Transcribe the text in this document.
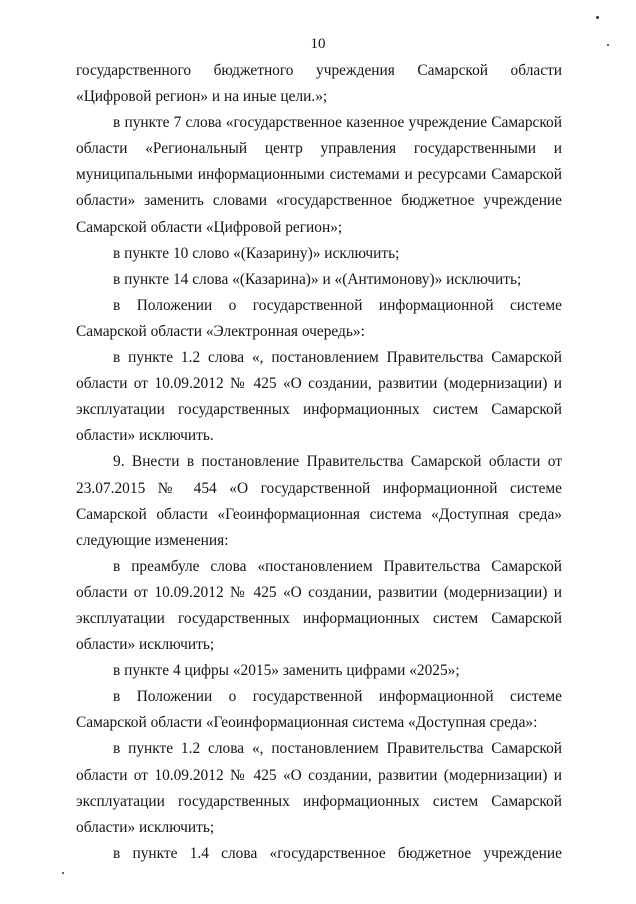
10

государственного бюджетного учреждения Самарской области «Цифровой регион» и на иные цели.»;

в пункте 7 слова «государственное казенное учреждение Самарской области «Региональный центр управления государственными и муниципальными информационными системами и ресурсами Самарской области» заменить словами «государственное бюджетное учреждение Самарской области «Цифровой регион»;

в пункте 10 слово «(Казарину)» исключить;

в пункте 14 слова «(Казарина)» и «(Антимонову)» исключить;

в Положении о государственной информационной системе Самарской области «Электронная очередь»:

в пункте 1.2 слова «, постановлением Правительства Самарской области от 10.09.2012 № 425 «О создании, развитии (модернизации) и эксплуатации государственных информационных систем Самарской области» исключить.

9. Внести в постановление Правительства Самарской области от 23.07.2015 № 454 «О государственной информационной системе Самарской области «Геоинформационная система «Доступная среда» следующие изменения:

в преамбуле слова «постановлением Правительства Самарской области от 10.09.2012 № 425 «О создании, развитии (модернизации) и эксплуатации государственных информационных систем Самарской области» исключить;

в пункте 4 цифры «2015» заменить цифрами «2025»;

в Положении о государственной информационной системе Самарской области «Геоинформационная система «Доступная среда»:

в пункте 1.2 слова «, постановлением Правительства Самарской области от 10.09.2012 № 425 «О создании, развитии (модернизации) и эксплуатации государственных информационных систем Самарской области» исключить;

в пункте 1.4 слова «государственное бюджетное учреждение
